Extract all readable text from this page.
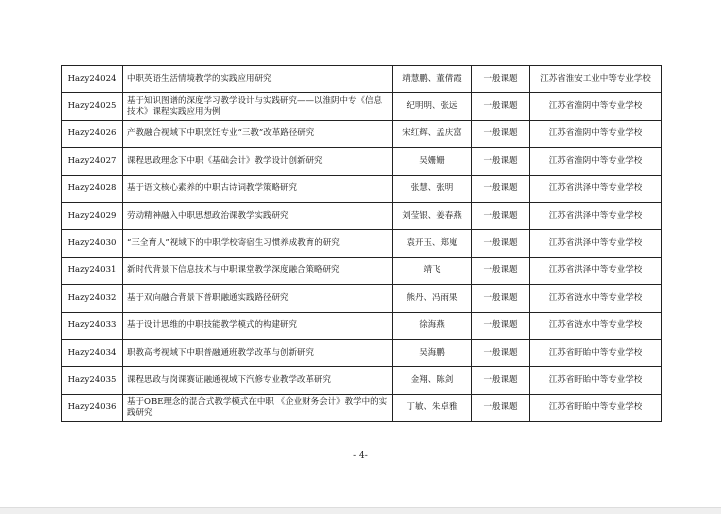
Hazy24024	中职英语生活情境教学的实践应用研究	靖慧鹏、董倩霞	一般课题	江苏省淮安工业中等专业学校
Hazy24025	基于知识图谱的深度学习教学设计与实践研究——以淮阴中专《信息技术》课程实践应用为例	纪明明、张远	一般课题	江苏省淮阴中等专业学校
Hazy24026	产教融合视域下中职烹饪专业“三教”改革路径研究	宋红辉、孟庆富	一般课题	江苏省淮阴中等专业学校
Hazy24027	课程思政理念下中职《基础会计》教学设计创新研究	吴姗姗	一般课题	江苏省淮阴中等专业学校
Hazy24028	基于语文核心素养的中职古诗词教学策略研究	张慧、张明	一般课题	江苏省洪泽中等专业学校
Hazy24029	劳动精神融入中职思想政治课教学实践研究	刘莹银、姜春燕	一般课题	江苏省洪泽中等专业学校
Hazy24030	“三全育人”视域下的中职学校寄宿生习惯养成教育的研究	袁开玉、郑嵬	一般课题	江苏省洪泽中等专业学校
Hazy24031	新时代背景下信息技术与中职课堂教学深度融合策略研究	靖飞	一般课题	江苏省洪泽中等专业学校
Hazy24032	基于双向融合背景下普职融通实践路径研究	熊丹、冯雨果	一般课题	江苏省涟水中等专业学校
Hazy24033	基于设计思维的中职技能教学模式的构建研究	徐海燕	一般课题	江苏省涟水中等专业学校
Hazy24034	职教高考视域下中职普融通班教学改革与创新研究	吴海鹏	一般课题	江苏省盱眙中等专业学校
Hazy24035	课程思政与岗课赛证融通视域下汽修专业教学改革研究	金翔、陈剑	一般课题	江苏省盱眙中等专业学校
Hazy24036	基于OBE理念的混合式教学模式在中职 《企业财务会计》教学中的实践研究	丁敏、朱卓雅	一般课题	江苏省盱眙中等专业学校
- 4-
